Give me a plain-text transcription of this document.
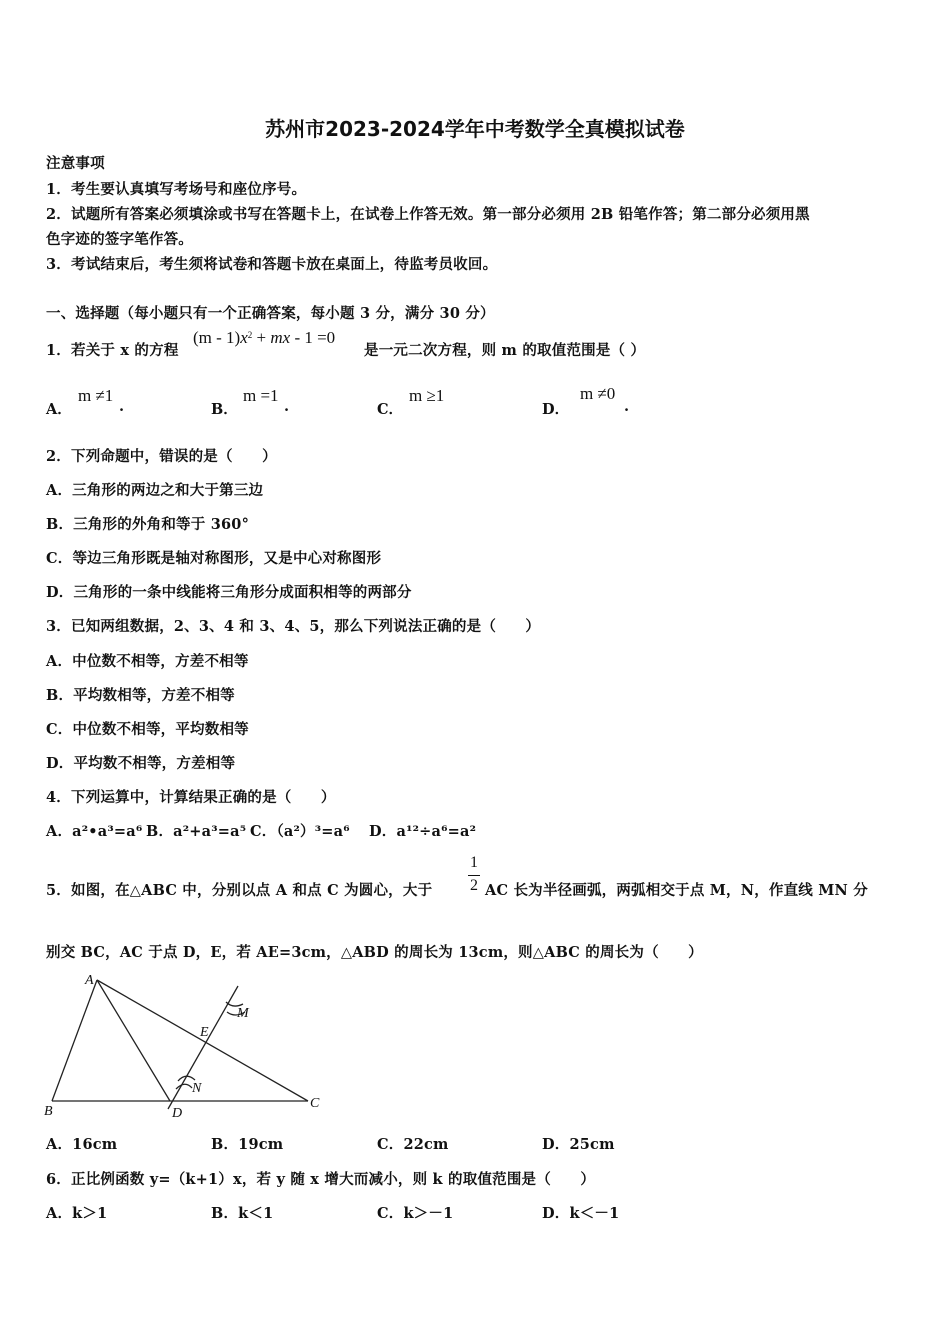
苏州市2023-2024学年中考数学全真模拟试卷
注意事项
1．考生要认真填写考场号和座位序号。
2．试题所有答案必须填涂或书写在答题卡上，在试卷上作答无效。第一部分必须用 2B 铅笔作答；第二部分必须用黑
色字迹的签字笔作答。
3．考试结束后，考生须将试卷和答题卡放在桌面上，待监考员收回。
一、选择题（每小题只有一个正确答案，每小题 3 分，满分 30 分）
1．若关于 x 的方程
$(m - 1)x^2$ + mx - 1 =0
是一元二次方程，则 m 的取值范围是（ ）
A．
m ≠1
.	B．
m =1
.	C．
m ≥1
D．
m ≠0
.
2．下列命题中，错误的是（　　）
A．三角形的两边之和大于第三边
B．三角形的外角和等于 360°
C．等边三角形既是轴对称图形，又是中心对称图形
D．三角形的一条中线能将三角形分成面积相等的两部分
3．已知两组数据，2、3、4 和 3、4、5，那么下列说法正确的是（　　）
A．中位数不相等，方差不相等
B．平均数相等，方差不相等
C．中位数不相等，平均数相等
D．平均数不相等，方差相等
4．下列运算中，计算结果正确的是（　　）
A．a²•a³=a⁶ B．a²+a³=a⁵ C．（a²）³=a⁶ D．a¹²÷a⁶=a²
5．如图，在△ABC 中，分别以点 A 和点 C 为圆心，大于
1
2 AC 长为半径画弧，两弧相交于点 M，N，作直线 MN 分
别交 BC，AC 于点 D，E，若 AE=3cm，△ABD 的周长为 13cm，则△ABC 的周长为（　　）
A
B
C
D
E
M
N
A．16cm	B．19cm	C．22cm	D．25cm
6．正比例函数 y=（k+1）x，若 y 随 x 增大而减小，则 k 的取值范围是（　　）
A．k＞1	B．k＜1	C．k＞－1	D．k＜－1
